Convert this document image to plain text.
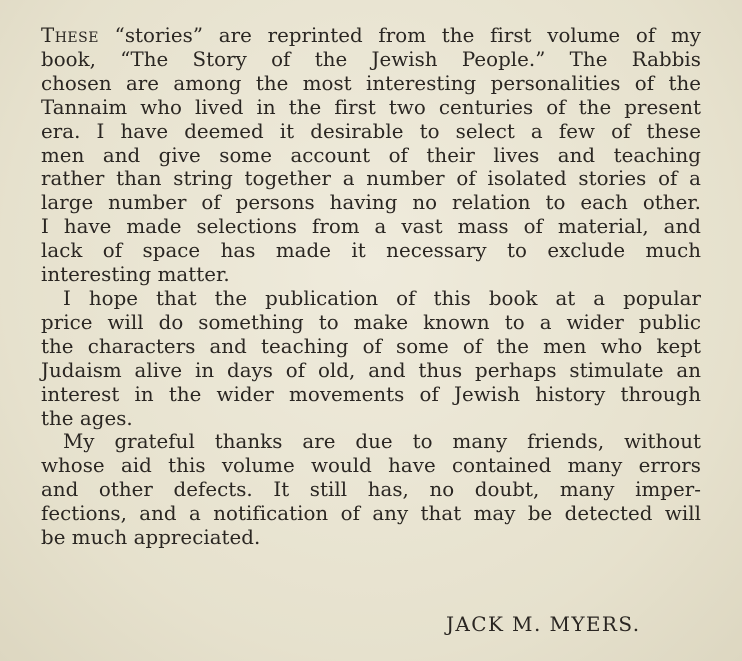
These “stories” are reprinted from the first volume of my
book, “The Story of the Jewish People.” The Rabbis
chosen are among the most interesting personalities of the
Tannaim who lived in the first two centuries of the present
era. I have deemed it desirable to select a few of these
men and give some account of their lives and teaching
rather than string together a number of isolated stories of a
large number of persons having no relation to each other.
I have made selections from a vast mass of material, and
lack of space has made it necessary to exclude much
interesting matter.
I hope that the publication of this book at a popular
price will do something to make known to a wider public
the characters and teaching of some of the men who kept
Judaism alive in days of old, and thus perhaps stimulate an
interest in the wider movements of Jewish history through
the ages.
My grateful thanks are due to many friends, without
whose aid this volume would have contained many errors
and other defects. It still has, no doubt, many imper-
fections, and a notification of any that may be detected will
be much appreciated.
JACK M. MYERS.
